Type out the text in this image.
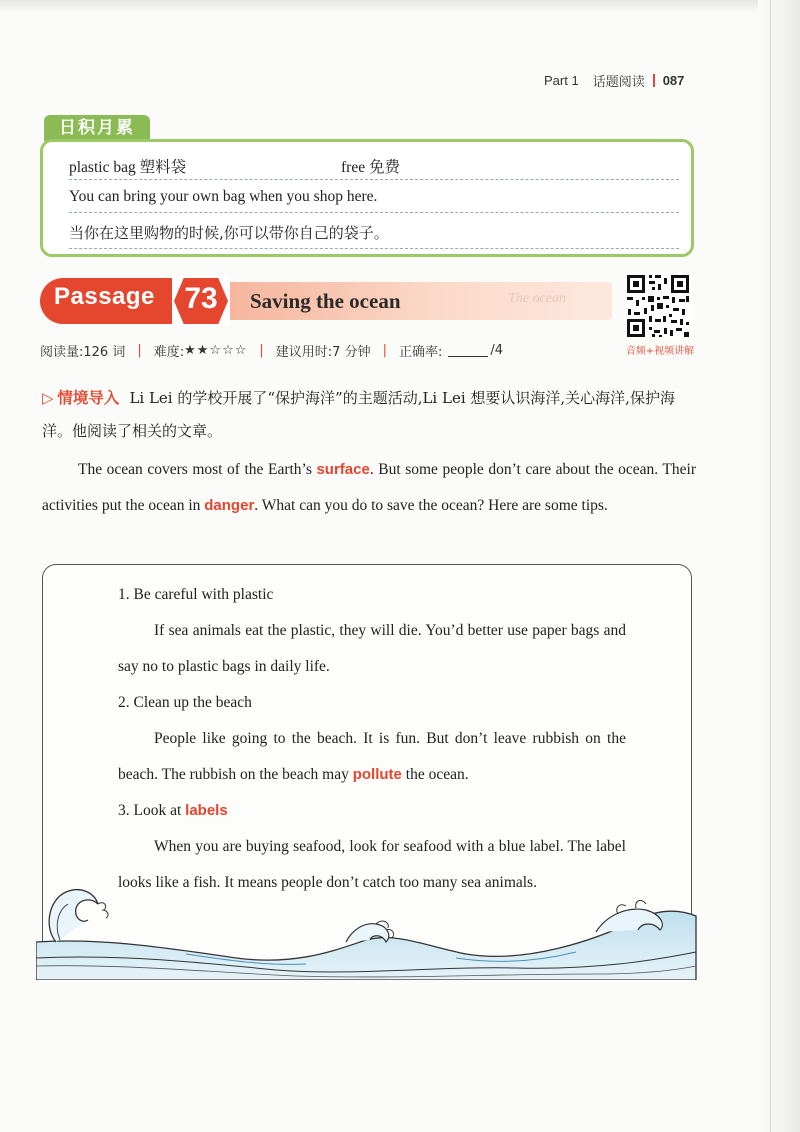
Part 1 话题阅读 087
日积月累
plastic bag 塑料袋	free 免费
You can bring your own bag when you shop here.
当你在这里购物的时候,你可以带你自己的袋子。
Passage 73	Saving the ocean	The ocean
音频+视频讲解
阅读量:126 词 | 难度: ★★☆☆☆ | 建议用时:7 分钟 | 正确率:	/4
▷ 情境导入 Li Lei 的学校开展了“保护海洋”的主题活动,Li Lei 想要认识海洋,关心海洋,保护海洋。他阅读了相关的文章。
The ocean covers most of the Earth’s surface. But some people don’t care about the ocean. Their activities put the ocean in danger. What can you do to save the ocean? Here are some tips.
1. Be careful with plastic
If sea animals eat the plastic, they will die. You’d better use paper bags and say no to plastic bags in daily life.
2. Clean up the beach
People like going to the beach. It is fun. But don’t leave rubbish on the beach. The rubbish on the beach may pollute the ocean.
3. Look at labels
When you are buying seafood, look for seafood with a blue label. The label looks like a fish. It means people don’t catch too many sea animals.
